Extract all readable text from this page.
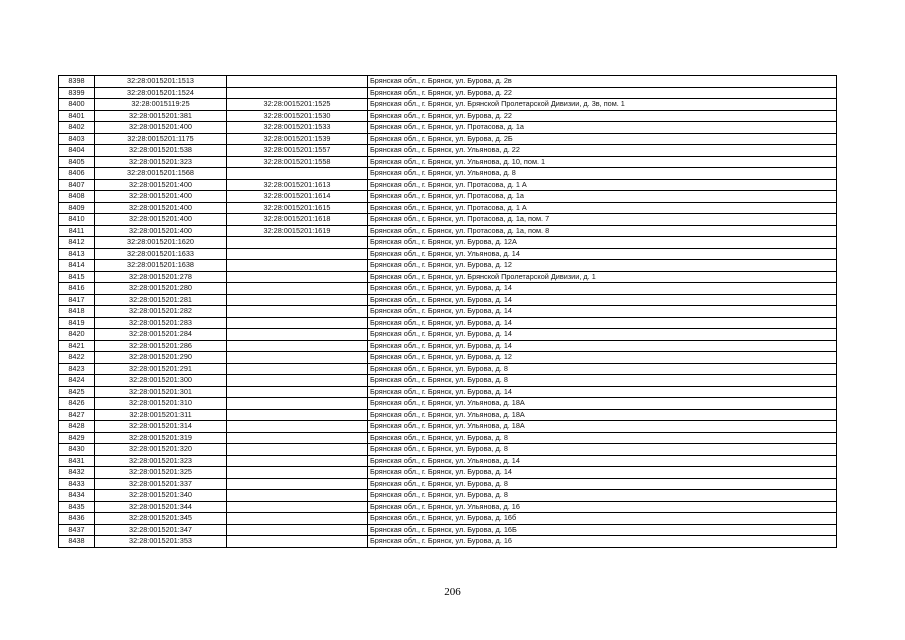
8398	32:28:0015201:1513		Брянская обл., г. Брянск, ул. Бурова, д. 2в
8399	32:28:0015201:1524		Брянская обл., г. Брянск, ул. Бурова, д. 22
8400	32:28:0015119:25	32:28:0015201:1525	Брянская обл., г. Брянск, ул. Брянской Пролетарской Дивизии, д. 3в, пом. 1
8401	32:28:0015201:381	32:28:0015201:1530	Брянская обл., г. Брянск, ул. Бурова, д. 22
8402	32:28:0015201:400	32:28:0015201:1533	Брянская обл., г. Брянск, ул. Протасова, д. 1а
8403	32:28:0015201:1175	32:28:0015201:1539	Брянская обл., г. Брянск, ул. Бурова, д. 2Б
8404	32:28:0015201:538	32:28:0015201:1557	Брянская обл., г. Брянск, ул. Ульянова, д. 22
8405	32:28:0015201:323	32:28:0015201:1558	Брянская обл., г. Брянск, ул. Ульянова, д. 10, пом. 1
8406	32:28:0015201:1568		Брянская обл., г. Брянск, ул. Ульянова, д. 8
8407	32:28:0015201:400	32:28:0015201:1613	Брянская обл., г. Брянск, ул. Протасова, д. 1 А
8408	32:28:0015201:400	32:28:0015201:1614	Брянская обл., г. Брянск, ул. Протасова, д. 1а
8409	32:28:0015201:400	32:28:0015201:1615	Брянская обл., г. Брянск, ул. Протасова, д. 1 А
8410	32:28:0015201:400	32:28:0015201:1618	Брянская обл., г. Брянск, ул. Протасова, д. 1а, пом. 7
8411	32:28:0015201:400	32:28:0015201:1619	Брянская обл., г. Брянск, ул. Протасова, д. 1а, пом. 8
8412	32:28:0015201:1620		Брянская обл., г. Брянск, ул. Бурова, д. 12А
8413	32:28:0015201:1633		Брянская обл., г. Брянск, ул. Ульянова, д. 14
8414	32:28:0015201:1638		Брянская обл., г. Брянск, ул. Бурова, д. 12
8415	32:28:0015201:278		Брянская обл., г. Брянск, ул. Брянской Пролетарской Дивизии, д. 1
8416	32:28:0015201:280		Брянская обл., г. Брянск, ул. Бурова, д. 14
8417	32:28:0015201:281		Брянская обл., г. Брянск, ул. Бурова, д. 14
8418	32:28:0015201:282		Брянская обл., г. Брянск, ул. Бурова, д. 14
8419	32:28:0015201:283		Брянская обл., г. Брянск, ул. Бурова, д. 14
8420	32:28:0015201:284		Брянская обл., г. Брянск, ул. Бурова, д. 14
8421	32:28:0015201:286		Брянская обл., г. Брянск, ул. Бурова, д. 14
8422	32:28:0015201:290		Брянская обл., г. Брянск, ул. Бурова, д. 12
8423	32:28:0015201:291		Брянская обл., г. Брянск, ул. Бурова, д. 8
8424	32:28:0015201:300		Брянская обл., г. Брянск, ул. Бурова, д. 8
8425	32:28:0015201:301		Брянская обл., г. Брянск, ул. Бурова, д. 14
8426	32:28:0015201:310		Брянская обл., г. Брянск, ул. Ульянова, д. 18А
8427	32:28:0015201:311		Брянская обл., г. Брянск, ул. Ульянова, д. 18А
8428	32:28:0015201:314		Брянская обл., г. Брянск, ул. Ульянова, д. 18А
8429	32:28:0015201:319		Брянская обл., г. Брянск, ул. Бурова, д. 8
8430	32:28:0015201:320		Брянская обл., г. Брянск, ул. Бурова, д. 8
8431	32:28:0015201:323		Брянская обл., г. Брянск, ул. Ульянова, д. 14
8432	32:28:0015201:325		Брянская обл., г. Брянск, ул. Бурова, д. 14
8433	32:28:0015201:337		Брянская обл., г. Брянск, ул. Бурова, д. 8
8434	32:28:0015201:340		Брянская обл., г. Брянск, ул. Бурова, д. 8
8435	32:28:0015201:344		Брянская обл., г. Брянск, ул. Ульянова, д. 16
8436	32:28:0015201:345		Брянская обл., г. Брянск, ул. Бурова, д. 16б
8437	32:28:0015201:347		Брянская обл., г. Брянск, ул. Бурова, д. 16Б
8438	32:28:0015201:353		Брянская обл., г. Брянск, ул. Бурова, д. 16
206
